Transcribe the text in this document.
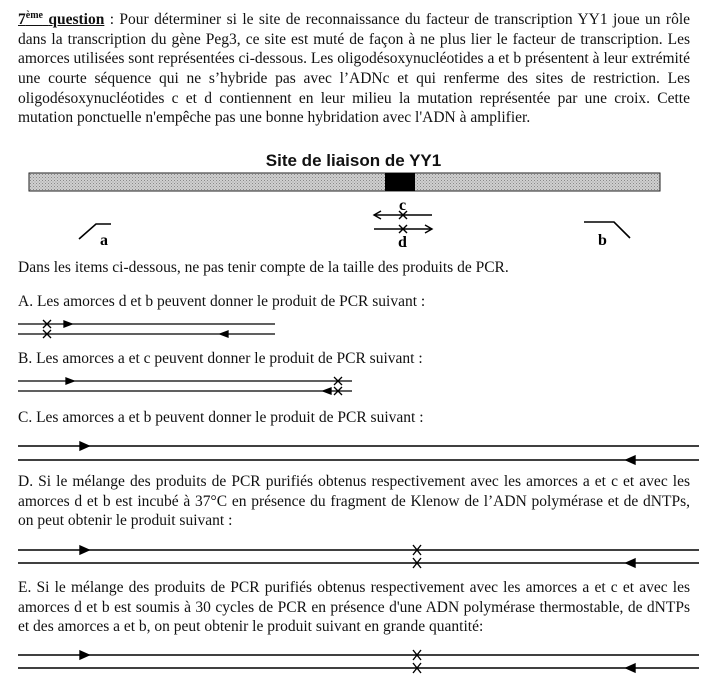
7ème question : Pour déterminer si le site de reconnaissance du facteur de transcription YY1 joue un rôle dans la transcription du gène Peg3, ce site est muté de façon à ne plus lier le facteur de transcription. Les amorces utilisées sont représentées ci-dessous. Les oligodésoxynucléotides a et b présentent à leur extrémité une courte séquence qui ne s’hybride pas avec l’ADNc et qui renferme des sites de restriction. Les oligodésoxynucléotides c et d contiennent en leur milieu la mutation représentée par une croix. Cette mutation ponctuelle n'empêche pas une bonne hybridation avec l'ADN à amplifier.

Site de liaison de YY1

Dans les items ci-dessous, ne pas tenir compte de la taille des produits de PCR.

A. Les amorces d et b peuvent donner le produit de PCR suivant :

B. Les amorces a et c peuvent donner le produit de PCR suivant :

C. Les amorces a et b peuvent donner le produit de PCR suivant :

D. Si le mélange des produits de PCR purifiés obtenus respectivement avec les amorces a et c et avec les amorces d et b est incubé à 37°C en présence du fragment de Klenow de l’ADN polymérase et de dNTPs, on peut obtenir le produit suivant :

E. Si le mélange des produits de PCR purifiés obtenus respectivement avec les amorces a et c et avec les amorces d et b est soumis à 30 cycles de PCR en présence d'une ADN polymérase thermostable, de dNTPs et des amorces a et b, on peut obtenir le produit suivant en grande quantité:

a	b
c
d
